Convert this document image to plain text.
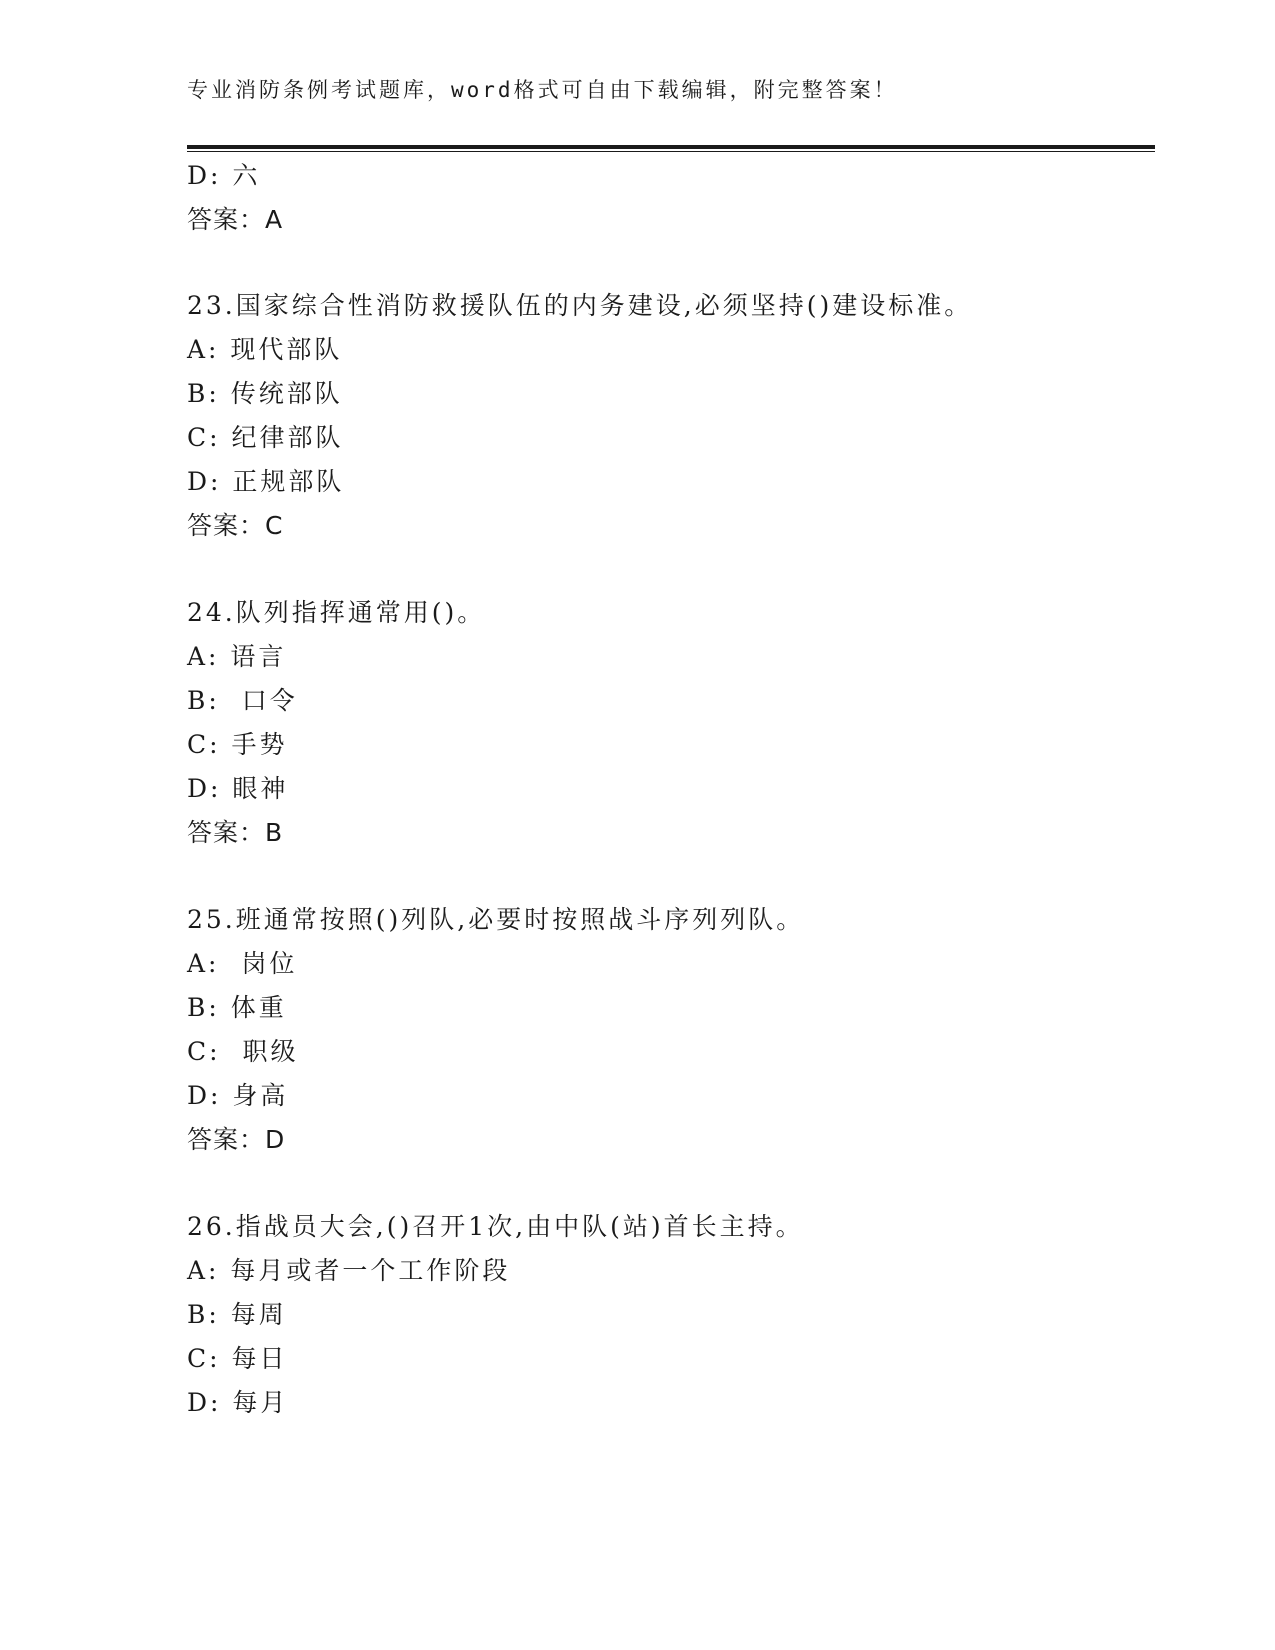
专业消防条例考试题库，word格式可自由下载编辑，附完整答案！
D: 六
答案：A
23.国家综合性消防救援队伍的内务建设,必须坚持()建设标准。
A: 现代部队
B: 传统部队
C: 纪律部队
D: 正规部队
答案：C
24.队列指挥通常用()。
A: 语言
B:  口令
C: 手势
D: 眼神
答案：B
25.班通常按照()列队,必要时按照战斗序列列队。
A:  岗位
B: 体重
C:  职级
D: 身高
答案：D
26.指战员大会,()召开1次,由中队(站)首长主持。
A: 每月或者一个工作阶段
B: 每周
C: 每日
D: 每月
